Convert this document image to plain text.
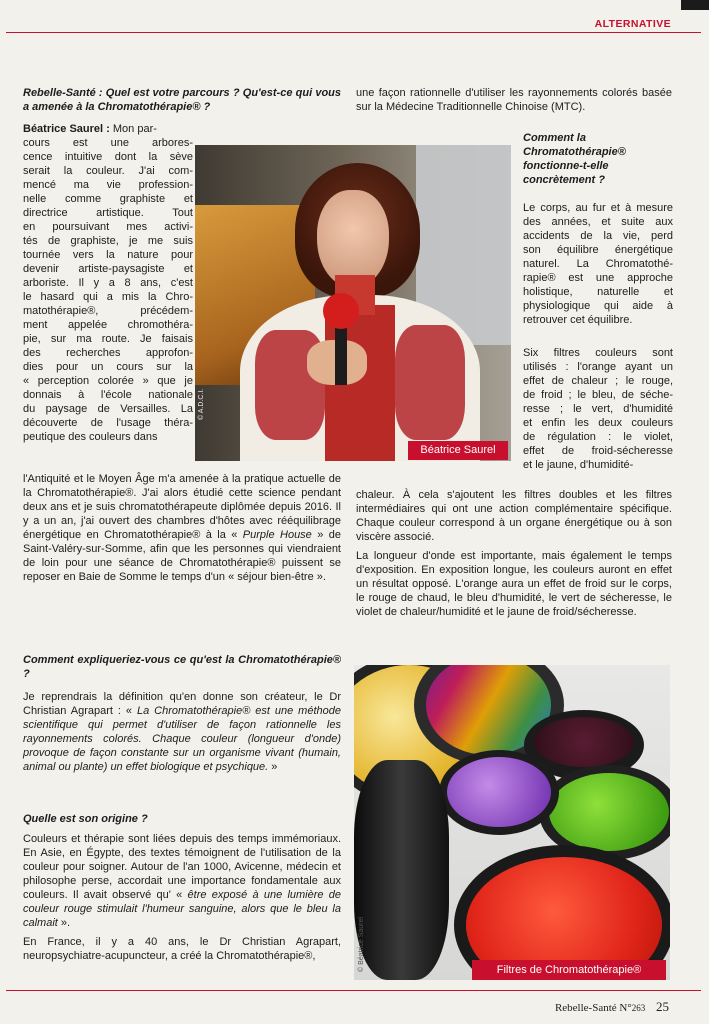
ALTERNATIVE

Rebelle-Santé : Quel est votre parcours ? Qu'est-ce qui vous a amenée à la Chromatothérapie® ?

Béatrice Saurel : Mon par-

cours est une arbores-

cence intuitive dont la sève

serait la couleur. J'ai com-

mencé ma vie profession-

nelle comme graphiste et

directrice artistique. Tout

en poursuivant mes activi-

tés de graphiste, je me suis

tournée vers la nature pour

devenir artiste-paysagiste et

arboriste. Il y a 8 ans, c'est

le hasard qui a mis la Chro-

matothérapie®, précédem-

ment appelée chromothéra-

pie, sur ma route. Je faisais

des recherches approfon-

dies pour un cours sur la

« perception colorée » que je

donnais à l'école nationale

du paysage de Versailles. La

découverte de l'usage théra-

peutique des couleurs dans

l'Antiquité et le Moyen Âge m'a amenée à la pratique actuelle de la Chromatothérapie®. J'ai alors étudié cette science pendant deux ans et je suis chromatothérapeute diplômée depuis 2016. Il y a un an, j'ai ouvert des chambres d'hôtes avec rééquilibrage énergétique en Chromatothérapie® à la « Purple House » de Saint-Valéry-sur-Somme, afin que les personnes qui viendraient de loin pour une séance de Chromatothérapie® puissent se reposer en Baie de Somme le temps d'un « séjour bien-être ».

Comment expliqueriez-vous ce qu'est la Chromatothérapie® ?

Je reprendrais la définition qu'en donne son créateur, le Dr Christian Agrapart : « La Chromatothérapie® est une méthode scientifique qui permet d'utiliser de façon rationnelle les rayonnements colorés. Chaque couleur (longueur d'onde) provoque de façon constante sur un organisme vivant (humain, animal ou plante) un effet biologique et psychique. »

Quelle est son origine ?

Couleurs et thérapie sont liées depuis des temps immémoriaux. En Asie, en Égypte, des textes témoignent de l'utilisation de la couleur pour soigner. Autour de l'an 1000, Avicenne, médecin et philosophe perse, accordait une importance fondamentale aux couleurs. Il avait observé qu' « être exposé à une lumière de couleur rouge stimulait l'humeur sanguine, alors que le bleu la calmait ».

En France, il y a 40 ans, le Dr Christian Agrapart, neuropsychiatre-acupuncteur, a créé la Chromatothérapie®,

une façon rationnelle d'utiliser les rayonnements colorés basée sur la Médecine Traditionnelle Chinoise (MTC).

Comment la

Chromatothérapie®

fonctionne-t-elle

concrètement ?

Le corps, au fur et à mesure

des années, et suite aux

accidents de la vie, perd

son équilibre énergétique

naturel. La Chromatothé-

rapie® est une approche

holistique, naturelle et

physiologique qui aide à

retrouver cet équilibre.

Six filtres couleurs sont

utilisés : l'orange ayant un

effet de chaleur ; le rouge,

de froid ; le bleu, de séche-

resse ; le vert, d'humidité

et enfin les deux couleurs

de régulation : le violet,

effet de froid-sécheresse

et le jaune, d'humidité-

chaleur. À cela s'ajoutent les filtres doubles et les filtres intermédiaires qui ont une action complémentaire spécifique. Chaque couleur correspond à un organe énergétique ou à son viscère associé.

La longueur d'onde est importante, mais également le temps d'exposition. En exposition longue, les couleurs auront en effet un résultat opposé. L'orange aura un effet de froid sur le corps, le rouge de chaud, le bleu d'humidité, le vert de sécheresse, le violet de chaleur/humidité et le jaune de froid/sécheresse.

© A.D.C.I.
Béatrice Saurel
© Béatrice Saurel	Filtres de Chromatothérapie®
Rebelle-Santé N°263 25
